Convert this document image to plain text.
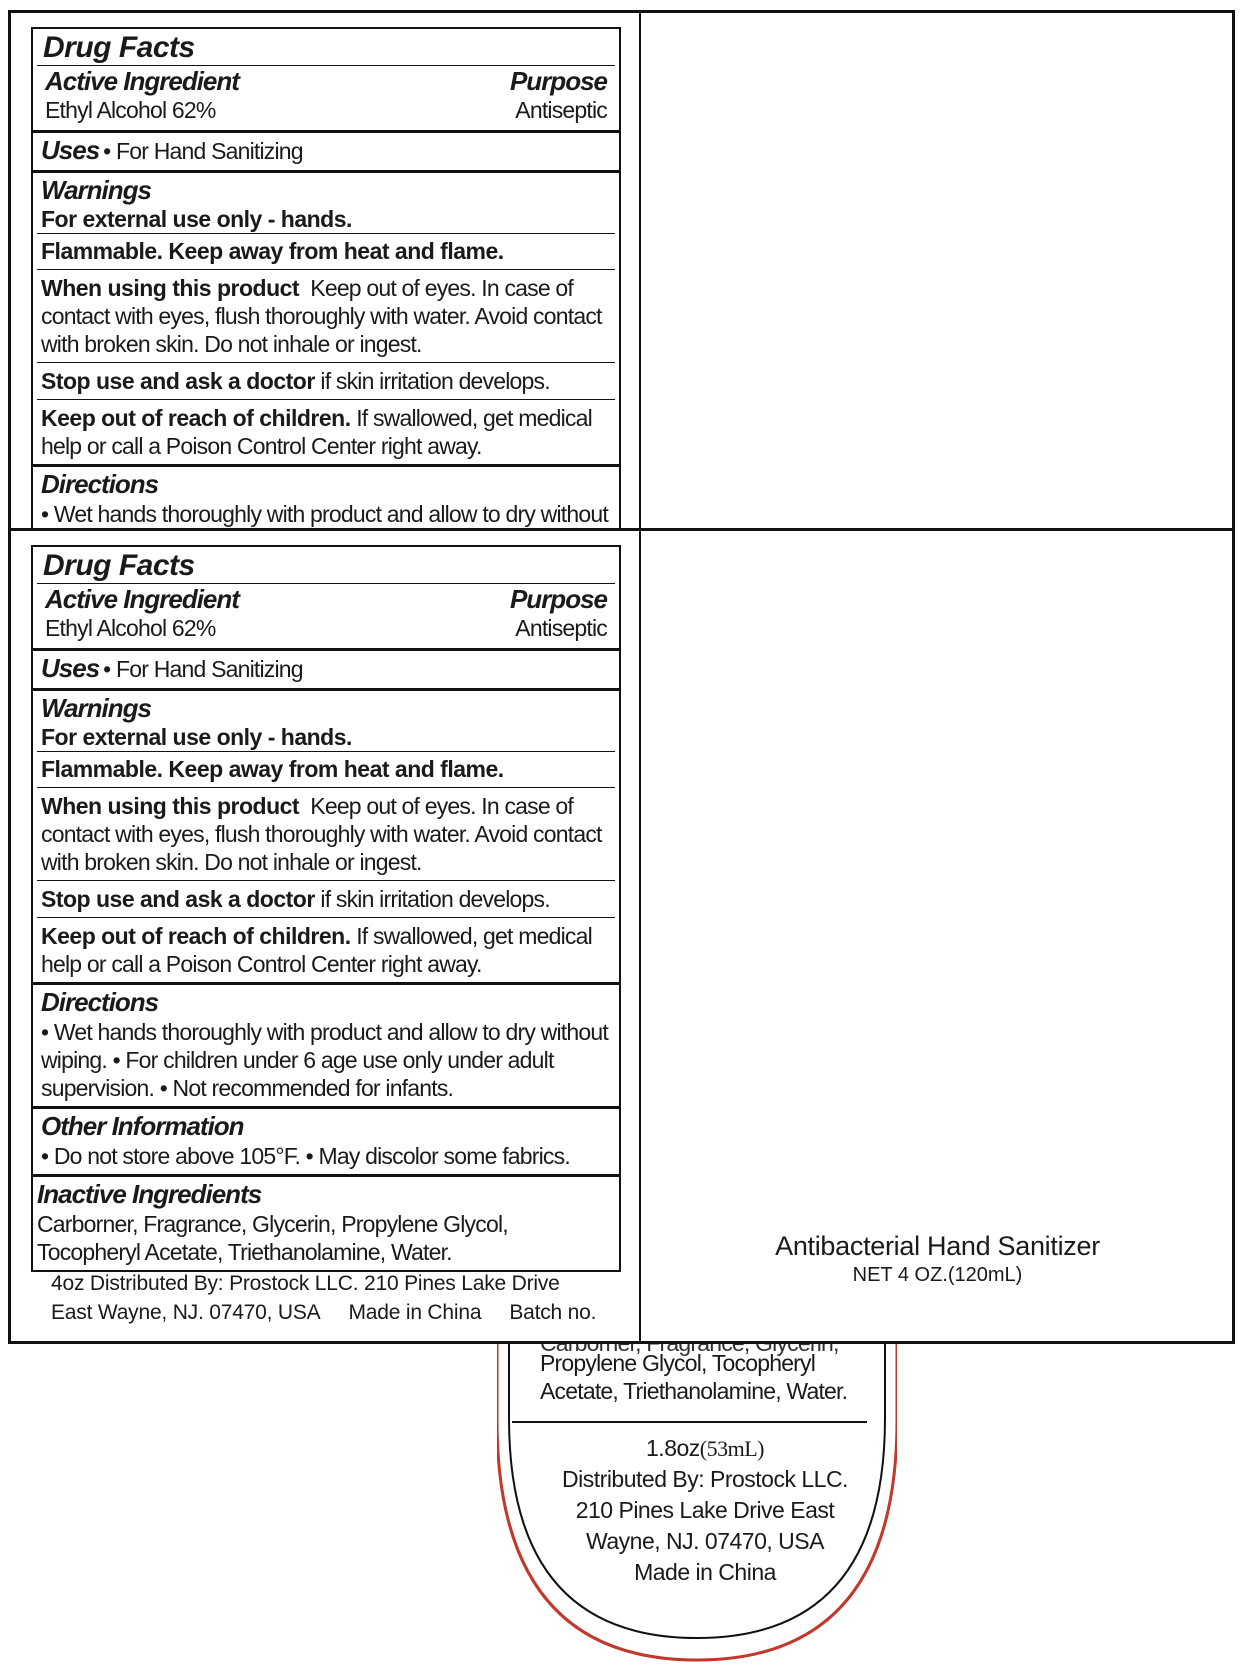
Propylene Glycol, Tocopheryl
Acetate, Triethanolamine, Water.
1.8oz(53mL)
Distributed By: Prostock LLC.
210 Pines Lake Drive East
Wayne, NJ. 07470, USA
Made in China
Drug Facts
Active Ingredient
Ethyl Alcohol 62%
Purpose
Antiseptic
Uses • For Hand Sanitizing
Warnings
For external use only - hands.
Flammable. Keep away from heat and flame.
When using this product Keep out of eyes. In case of contact with eyes, flush thoroughly with water. Avoid contact with broken skin. Do not inhale or ingest.
Stop use and ask a doctor if skin irritation develops.
Keep out of reach of children. If swallowed, get medical help or call a Poison Control Center right away.
Directions
• Wet hands thoroughly with product and allow to dry without
Drug Facts
Active Ingredient
Ethyl Alcohol 62%
Purpose
Antiseptic
Uses • For Hand Sanitizing
Warnings
For external use only - hands.
Flammable. Keep away from heat and flame.
When using this product Keep out of eyes. In case of contact with eyes, flush thoroughly with water. Avoid contact with broken skin. Do not inhale or ingest.
Stop use and ask a doctor if skin irritation develops.
Keep out of reach of children. If swallowed, get medical help or call a Poison Control Center right away.
Directions
• Wet hands thoroughly with product and allow to dry without wiping. • For children under 6 age use only under adult supervision. • Not recommended for infants.
Other Information
• Do not store above 105°F. • May discolor some fabrics.
Inactive Ingredients
Carborner, Fragrance, Glycerin, Propylene Glycol, Tocopheryl Acetate, Triethanolamine, Water.
4oz Distributed By: Prostock LLC. 210 Pines Lake Drive
East Wayne, NJ. 07470, USA Made in China Batch no.
Antibacterial Hand Sanitizer
NET 4 OZ.(120mL)
